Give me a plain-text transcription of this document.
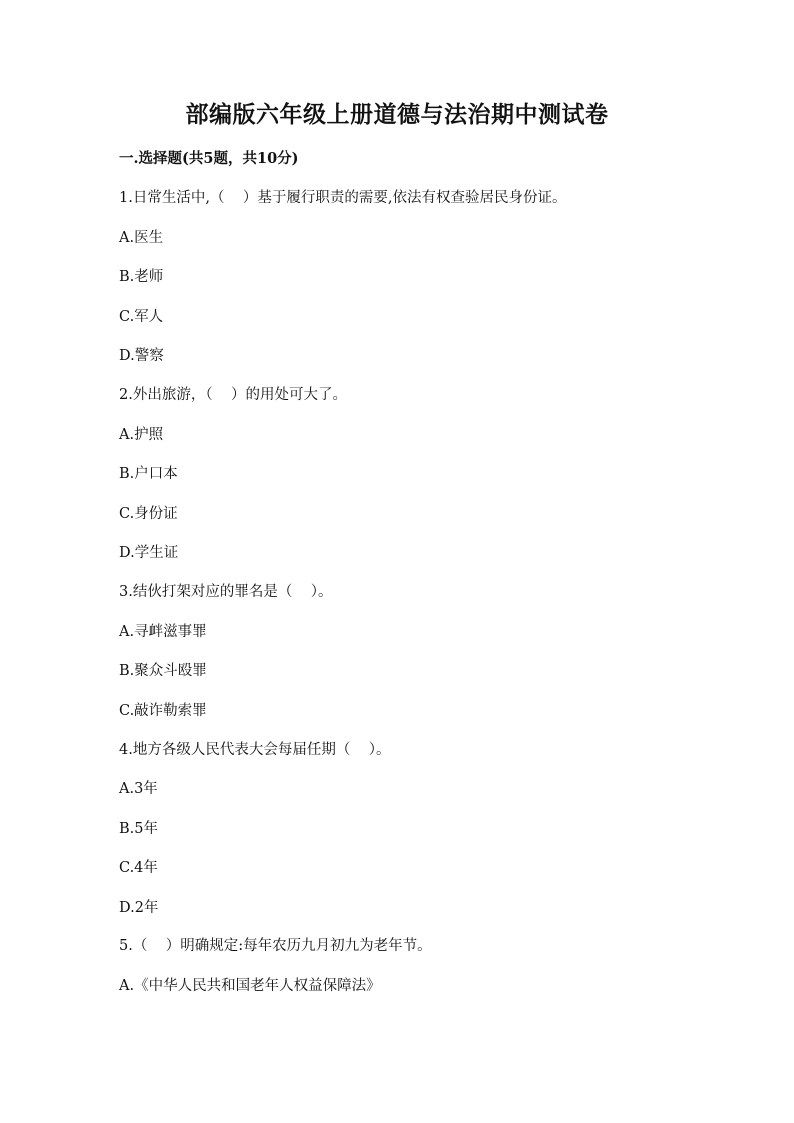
部编版六年级上册道德与法治期中测试卷
一.选择题(共5题，共10分)
1.日常生活中,（    ）基于履行职责的需要,依法有权查验居民身份证。
A.医生
B.老师
C.军人
D.警察
2.外出旅游，（    ）的用处可大了。
A.护照
B.户口本
C.身份证
D.学生证
3.结伙打架对应的罪名是（    ）。
A.寻衅滋事罪
B.聚众斗殴罪
C.敲诈勒索罪
4.地方各级人民代表大会每届任期（    ）。
A.3年
B.5年
C.4年
D.2年
5.（    ）明确规定:每年农历九月初九为老年节。
A.《中华人民共和国老年人权益保障法》
